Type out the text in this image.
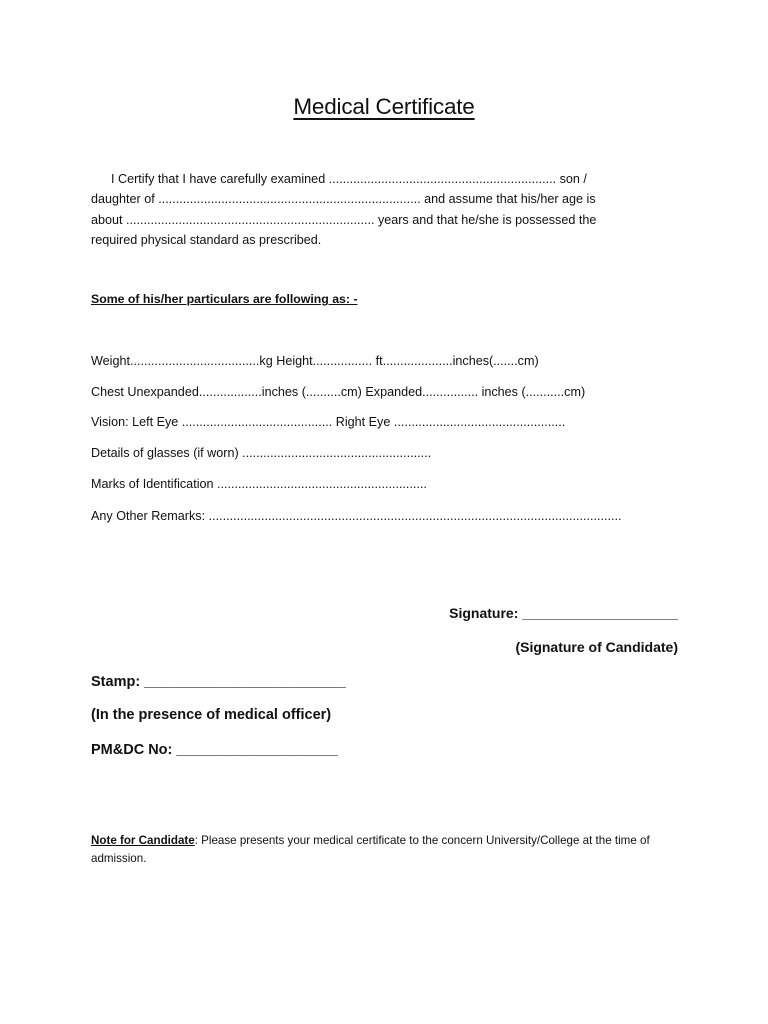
Medical Certificate
I Certify that I have carefully examined ................................................................. son /
daughter of ........................................................................... and assume that his/her age is
about ....................................................................... years and that he/she is possessed the
required physical standard as prescribed.
Some of his/her particulars are following as: -
Weight.....................................kg Height................. ft....................inches(.......cm)
Chest Unexpanded..................inches (..........cm) Expanded................ inches (...........cm)
Vision: Left Eye ........................................... Right Eye .................................................
Details of glasses (if worn) ......................................................
Marks of Identification ............................................................
Any Other Remarks: ......................................................................................................................
Signature: ____________________
(Signature of Candidate)
Stamp: _________________________
(In the presence of medical officer)
PM&DC No: ____________________
Note for Candidate: Please presents your medical certificate to the concern University/College at the time of admission.
